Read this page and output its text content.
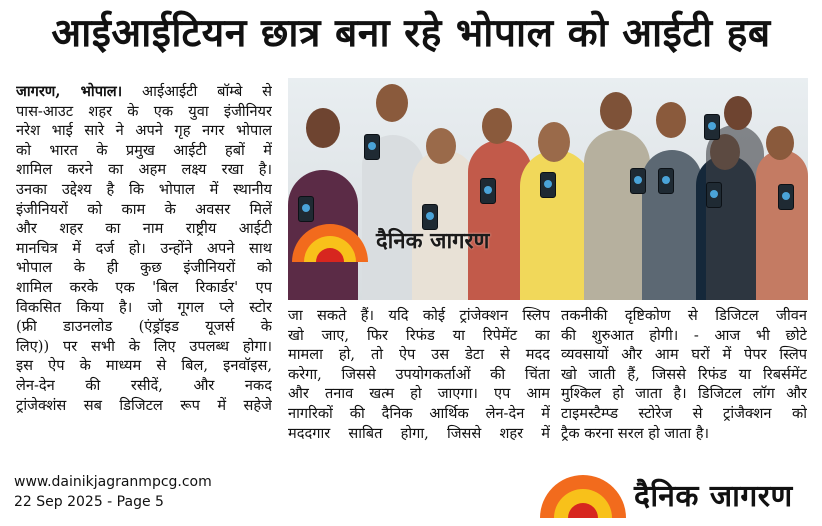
आईआईटियन छात्र बना रहे भोपाल को आईटी हब
जागरण, भोपाल। आईआईटी बॉम्बे से
पास-आउट शहर के एक युवा इंजीनियर
नरेश भाई सारे ने अपने गृह नगर भोपाल
को भारत के प्रमुख आईटी हबों में
शामिल करने का अहम लक्ष्य रखा है।
उनका उद्देश्य है कि भोपाल में स्थानीय
इंजीनियरों को काम के अवसर मिलें
और शहर का नाम राष्ट्रीय आईटी
मानचित्र में दर्ज हो। उन्होंने अपने साथ
भोपाल के ही कुछ इंजीनियरों को
शामिल करके एक 'बिल रिकार्डर' एप
विकसित किया है। जो गूगल प्ले स्टोर
(फ्री डाउनलोड (एंड्रॉइड यूजर्स के
लिए)) पर सभी के लिए उपलब्ध होगा।
इस ऐप के माध्यम से बिल, इनवॉइस,
लेन-देन की रसीदें, और नकद
ट्रांजेक्शंस सब डिजिटल रूप में सहेजे
दैनिक जागरण
जा सकते हैं। यदि कोई ट्रांजेक्शन स्लिप
खो जाए, फिर रिफंड या रिपेमेंट का
मामला हो, तो ऐप उस डेटा से मदद
करेगा, जिससे उपयोगकर्ताओं की चिंता
और तनाव खत्म हो जाएगा। एप आम
नागरिकों की दैनिक आर्थिक लेन-देन में
मददगार साबित होगा, जिससे शहर में
तकनीकी दृष्टिकोण से डिजिटल जीवन
की शुरुआत होगी। - आज भी छोटे
व्यवसायों और आम घरों में पेपर स्लिप
खो जाती हैं, जिससे रिफंड या रिबर्समेंट
मुश्किल हो जाता है। डिजिटल लॉग और
टाइमस्टैम्प्ड स्टोरेज से ट्रांजैक्शन को
ट्रैक करना सरल हो जाता है।
www.dainikjagranmpcg.com
22 Sep 2025 - Page 5	दैनिक जागरण
